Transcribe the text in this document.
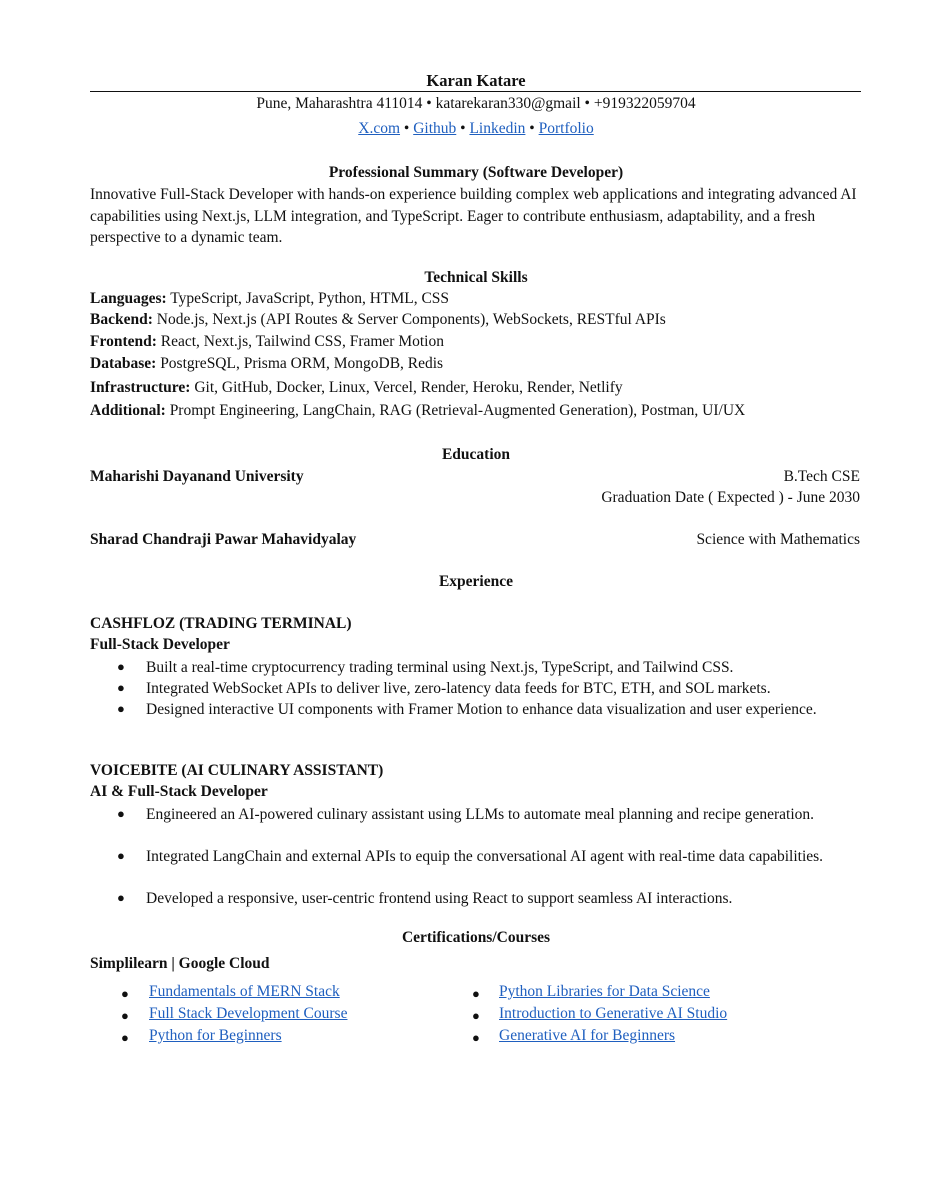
Karan Katare
Pune, Maharashtra 411014 • katarekaran330@gmail • +919322059704
X.com • Github • Linkedin • Portfolio
Professional Summary (Software Developer)
Innovative Full-Stack Developer with hands-on experience building complex web applications and integrating advanced AI capabilities using Next.js, LLM integration, and TypeScript. Eager to contribute enthusiasm, adaptability, and a fresh perspective to a dynamic team.
Technical Skills
Languages: TypeScript, JavaScript, Python, HTML, CSS
Backend: Node.js, Next.js (API Routes & Server Components), WebSockets, RESTful APIs
Frontend: React, Next.js, Tailwind CSS, Framer Motion
Database: PostgreSQL, Prisma ORM, MongoDB, Redis
Infrastructure: Git, GitHub, Docker, Linux, Vercel, Render, Heroku, Render, Netlify
Additional: Prompt Engineering, LangChain, RAG (Retrieval-Augmented Generation), Postman, UI/UX
Education
Maharishi Dayanand University	B.Tech CSE
Graduation Date ( Expected ) - June 2030
Sharad Chandraji Pawar Mahavidyalay	Science with Mathematics
Experience
CASHFLOZ (TRADING TERMINAL)
Full-Stack Developer
● Built a real-time cryptocurrency trading terminal using Next.js, TypeScript, and Tailwind CSS.
● Integrated WebSocket APIs to deliver live, zero-latency data feeds for BTC, ETH, and SOL markets.
● Designed interactive UI components with Framer Motion to enhance data visualization and user experience.
VOICEBITE (AI CULINARY ASSISTANT)
AI & Full-Stack Developer
● Engineered an AI-powered culinary assistant using LLMs to automate meal planning and recipe generation.
● Integrated LangChain and external APIs to equip the conversational AI agent with real-time data capabilities.
● Developed a responsive, user-centric frontend using React to support seamless AI interactions.
Certifications/Courses
Simplilearn | Google Cloud
● Fundamentals of MERN Stack
● Full Stack Development Course
● Python for Beginners
● Python Libraries for Data Science
● Introduction to Generative AI Studio
● Generative AI for Beginners
